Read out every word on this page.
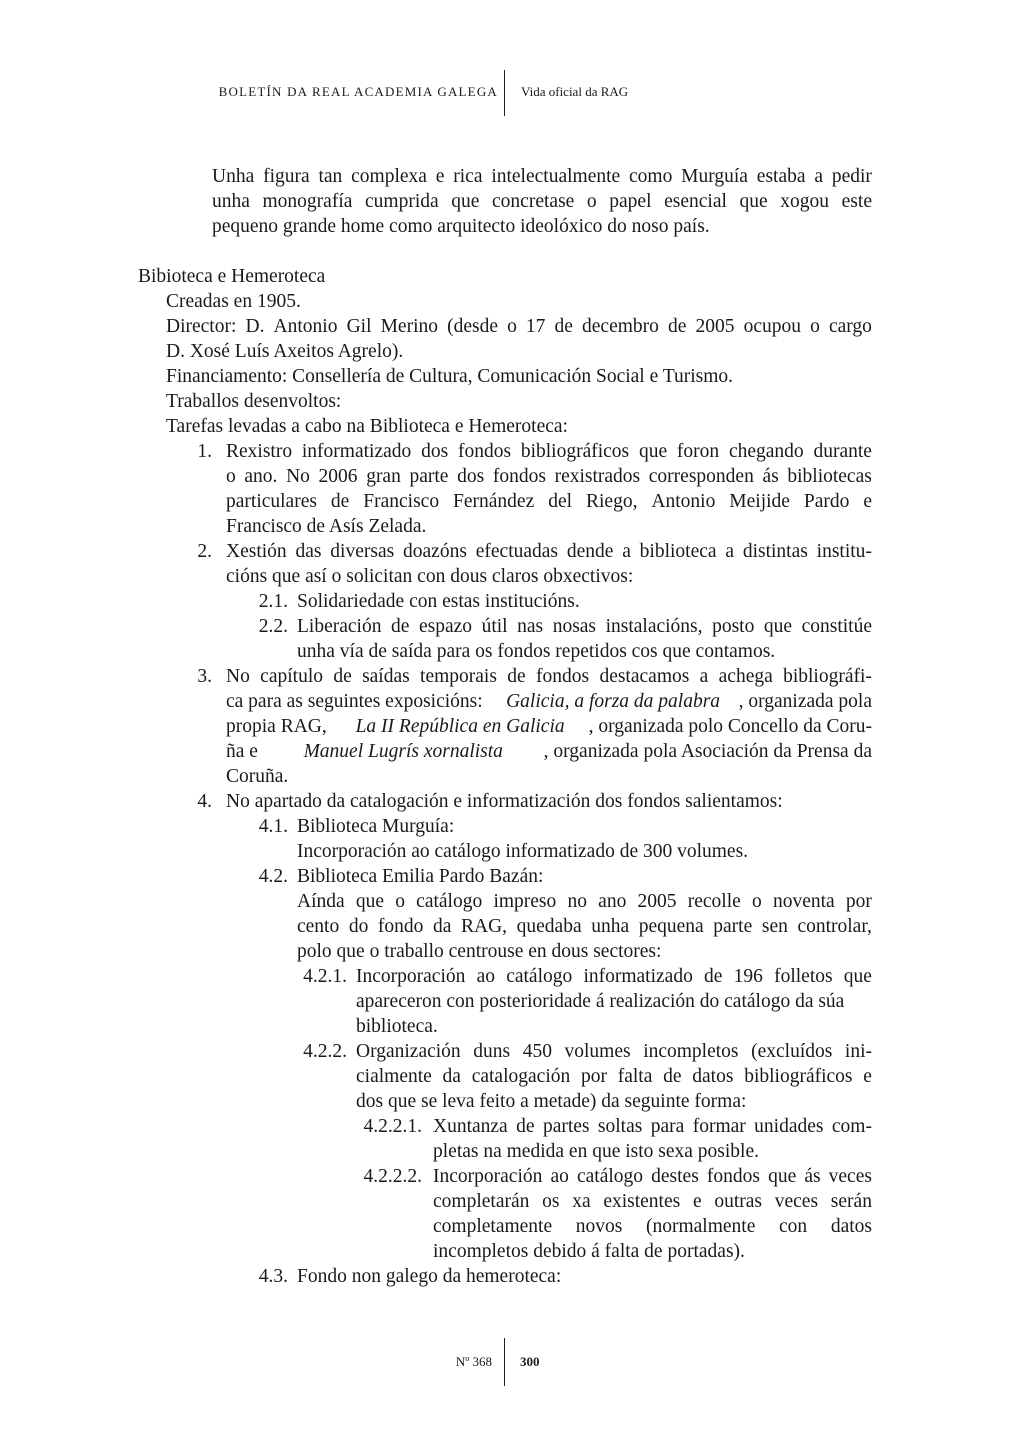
BOLETÍN DA REAL ACADEMIA GALEGA Vida oficial da RAG
Unha figura tan complexa e rica intelectualmente como Murguía estaba a pedir
unha monografía cumprida que concretase o papel esencial que xogou este
pequeno grande home como arquitecto ideolóxico do noso país.
Bibioteca e Hemeroteca
Creadas en 1905.
Director: D. Antonio Gil Merino (desde o 17 de decembro de 2005 ocupou o cargo
D. Xosé Luís Axeitos Agrelo).
Financiamento: Consellería de Cultura, Comunicación Social e Turismo.
Traballos desenvoltos:
Tarefas levadas a cabo na Biblioteca e Hemeroteca:
1. Rexistro informatizado dos fondos bibliográficos que foron chegando durante
o ano. No 2006 gran parte dos fondos rexistrados corresponden ás bibliotecas
particulares de Francisco Fernández del Riego, Antonio Meijide Pardo e
Francisco de Asís Zelada.
2. Xestión das diversas doazóns efectuadas dende a biblioteca a distintas institu-
cións que así o solicitan con dous claros obxectivos:
2.1. Solidariedade con estas institucións.
2.2. Liberación de espazo útil nas nosas instalacións, posto que constitúe
unha vía de saída para os fondos repetidos cos que contamos.
3. No capítulo de saídas temporais de fondos destacamos a achega bibliográfi-
ca para as seguintes exposicións: Galicia, a forza da palabra , organizada pola
propia RAG, La II República en Galicia , organizada polo Concello da Coru-
ña e Manuel Lugrís xornalista , organizada pola Asociación da Prensa da
Coruña.
4. No apartado da catalogación e informatización dos fondos salientamos:
4.1. Biblioteca Murguía:
Incorporación ao catálogo informatizado de 300 volumes.
4.2. Biblioteca Emilia Pardo Bazán:
Aínda que o catálogo impreso no ano 2005 recolle o noventa por
cento do fondo da RAG, quedaba unha pequena parte sen controlar,
polo que o traballo centrouse en dous sectores:
4.2.1. Incorporación ao catálogo informatizado de 196 folletos que
apareceron con posterioridade á realización do catálogo da súa
biblioteca.
4.2.2. Organización duns 450 volumes incompletos (excluídos ini-
cialmente da catalogación por falta de datos bibliográficos e
dos que se leva feito a metade) da seguinte forma:
4.2.2.1. Xuntanza de partes soltas para formar unidades com-
pletas na medida en que isto sexa posible.
4.2.2.2. Incorporación ao catálogo destes fondos que ás veces
completarán os xa existentes e outras veces serán
completamente novos (normalmente con datos
incompletos debido á falta de portadas).
4.3. Fondo non galego da hemeroteca:
Nº 368 300
